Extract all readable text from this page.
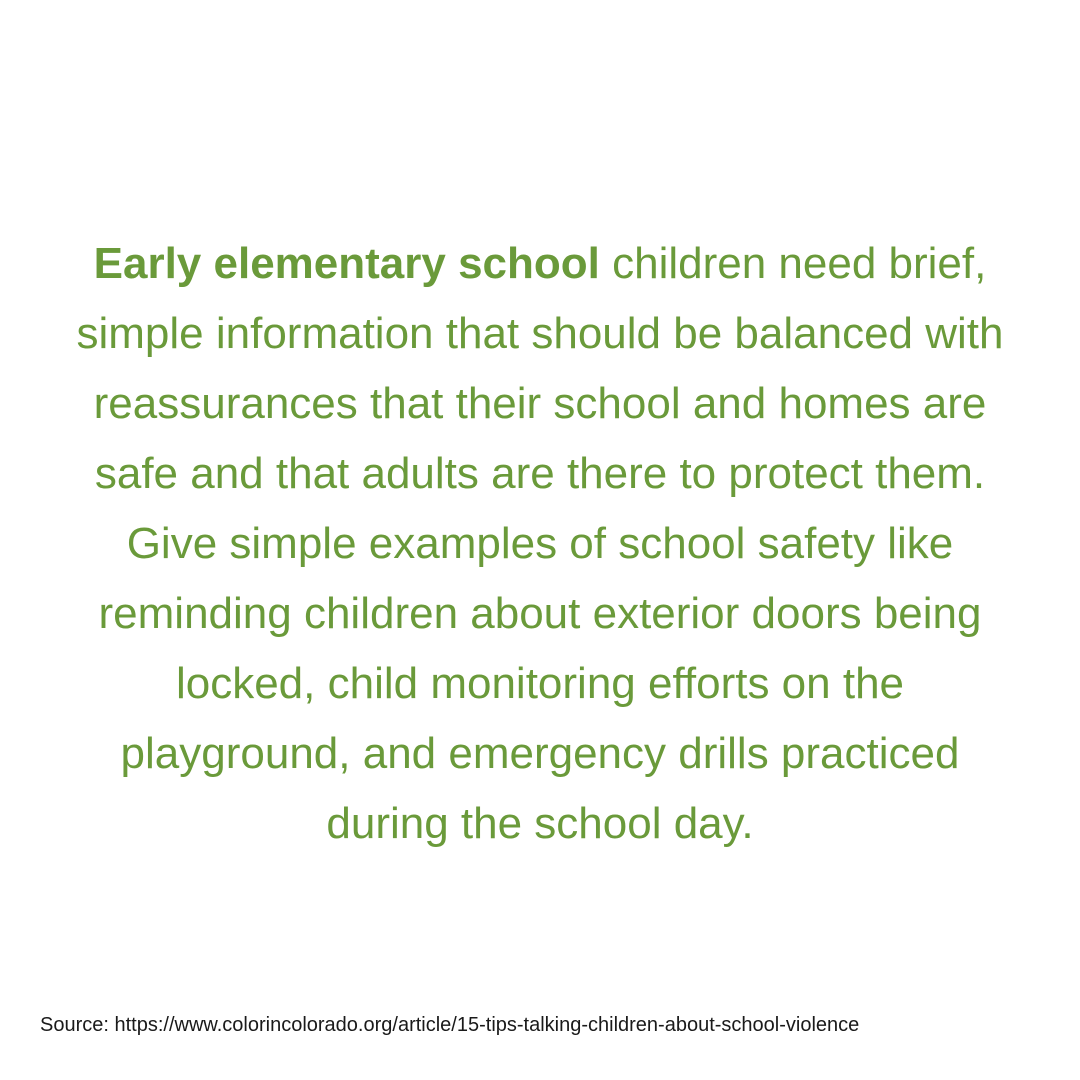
Early elementary school children need brief, simple information that should be balanced with reassurances that their school and homes are safe and that adults are there to protect them. Give simple examples of school safety like reminding children about exterior doors being locked, child monitoring efforts on the playground, and emergency drills practiced during the school day.

Source: https://www.colorincolorado.org/article/15-tips-talking-children-about-school-violence
